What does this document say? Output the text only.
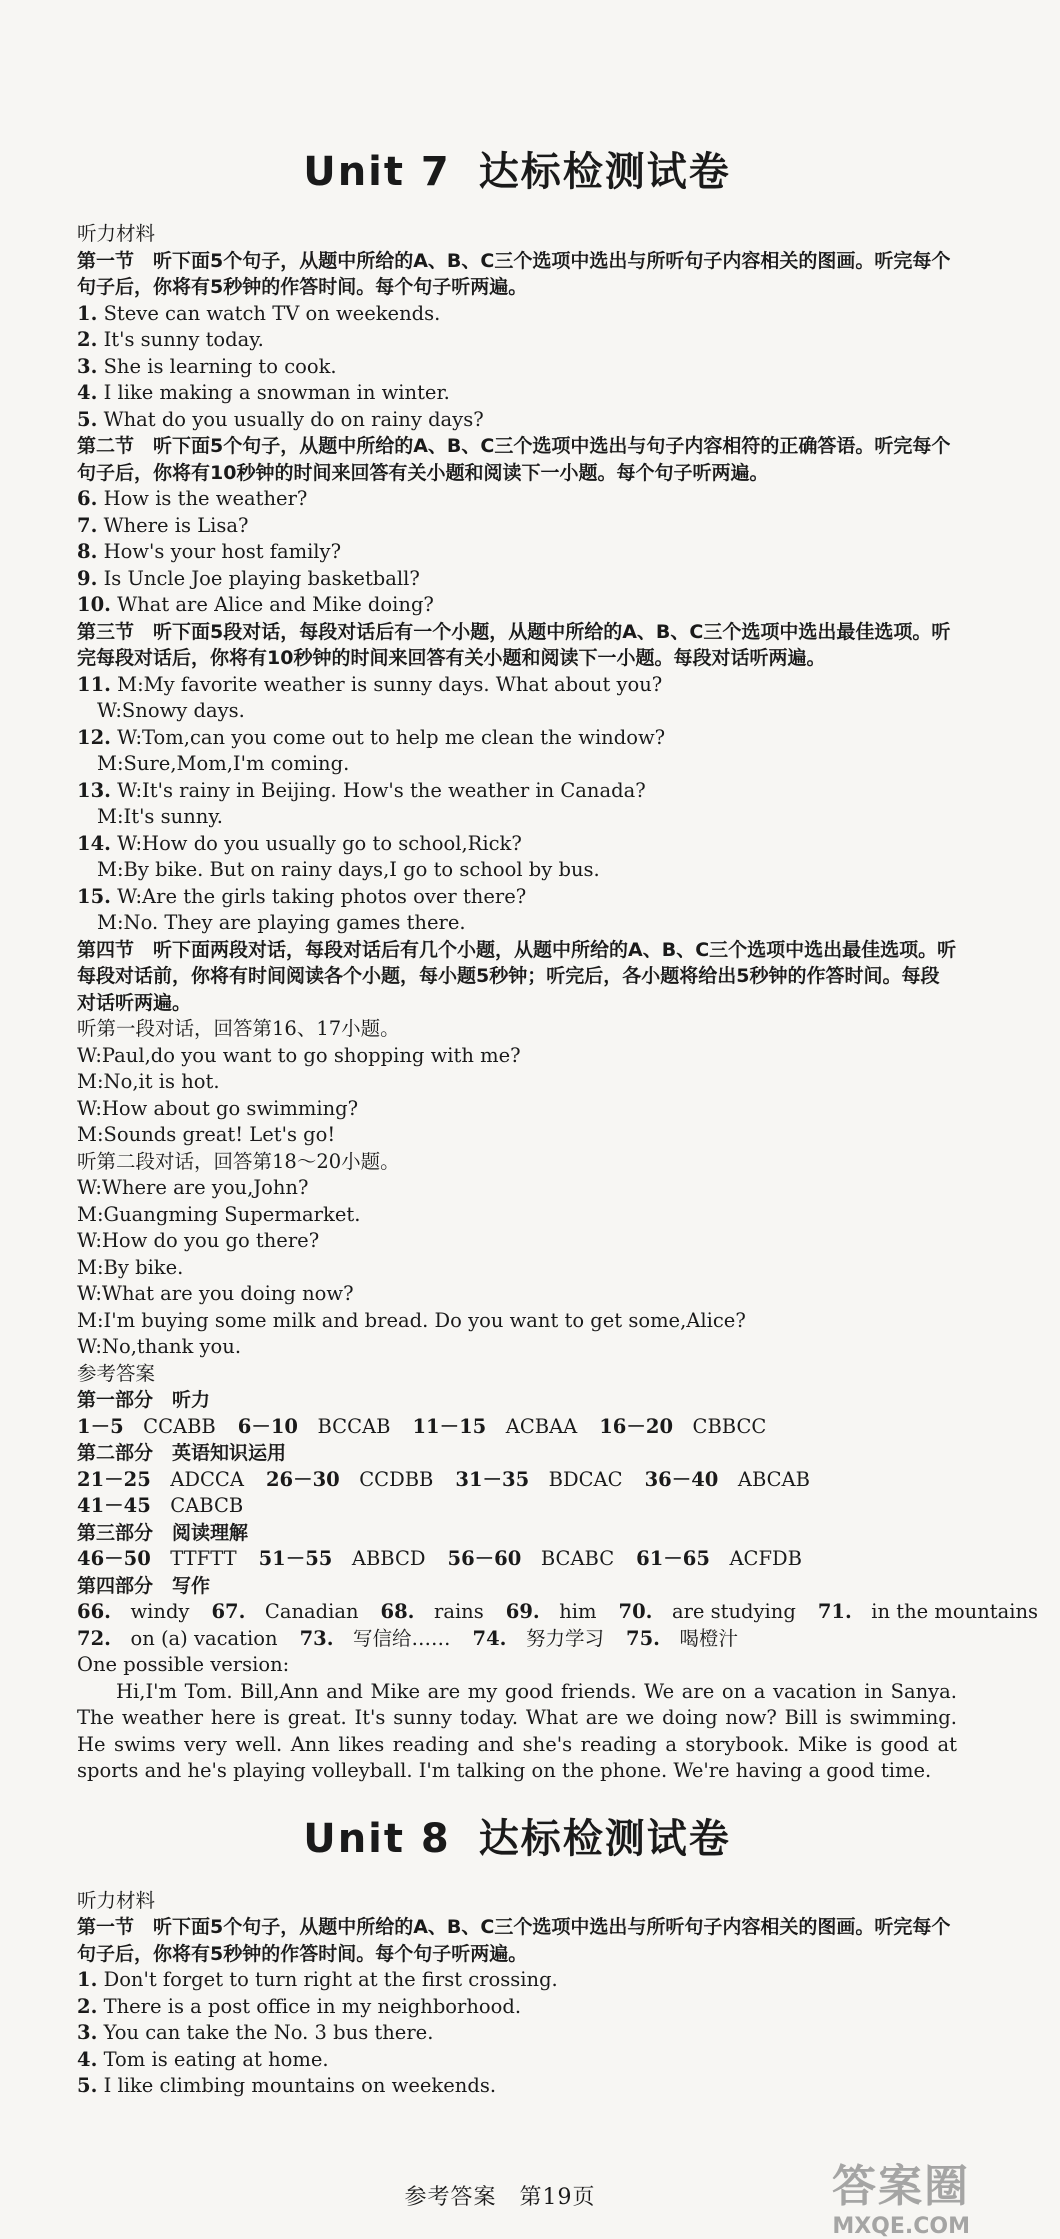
Unit 7 达标检测试卷
听力材料
第一节　听下面5个句子，从题中所给的A、B、C三个选项中选出与所听句子内容相关的图画。听完每个句子后，你将有5秒钟的作答时间。每个句子听两遍。
1. Steve can watch TV on weekends.
2. It's sunny today.
3. She is learning to cook.
4. I like making a snowman in winter.
5. What do you usually do on rainy days?
第二节　听下面5个句子，从题中所给的A、B、C三个选项中选出与句子内容相符的正确答语。听完每个句子后，你将有10秒钟的时间来回答有关小题和阅读下一小题。每个句子听两遍。
6. How is the weather?
7. Where is Lisa?
8. How's your host family?
9. Is Uncle Joe playing basketball?
10. What are Alice and Mike doing?
第三节　听下面5段对话，每段对话后有一个小题，从题中所给的A、B、C三个选项中选出最佳选项。听完每段对话后，你将有10秒钟的时间来回答有关小题和阅读下一小题。每段对话听两遍。
11. M:My favorite weather is sunny days. What about you?
W:Snowy days.
12. W:Tom,can you come out to help me clean the window?
M:Sure,Mom,I'm coming.
13. W:It's rainy in Beijing. How's the weather in Canada?
M:It's sunny.
14. W:How do you usually go to school,Rick?
M:By bike. But on rainy days,I go to school by bus.
15. W:Are the girls taking photos over there?
M:No. They are playing games there.
第四节　听下面两段对话，每段对话后有几个小题，从题中所给的A、B、C三个选项中选出最佳选项。听每段对话前，你将有时间阅读各个小题，每小题5秒钟；听完后，各小题将给出5秒钟的作答时间。每段对话听两遍。
听第一段对话，回答第16、17小题。
W:Paul,do you want to go shopping with me?
M:No,it is hot.
W:How about go swimming?
M:Sounds great! Let's go!
听第二段对话，回答第18～20小题。
W:Where are you,John?
M:Guangming Supermarket.
W:How do you go there?
M:By bike.
W:What are you doing now?
M:I'm buying some milk and bread. Do you want to get some,Alice?
W:No,thank you.
参考答案
第一部分　听力
1－5　 CCABB 6－10　 BCCAB 11－15　 ACBAA 16－20　 CBBCC
第二部分　英语知识运用
21－25　 ADCCA 26－30　 CCDBB 31－35　 BDCAC 36－40　 ABCAB
41－45　 CABCB
第三部分　阅读理解
46－50　 TTFTT 51－55　 ABBCD 56－60　 BCABC 61－65　 ACFDB
第四部分　写作
66.　 windy 67.　 Canadian 68.　 rains 69.　 him 70.　 are studying 71.　 in the mountains
72.　 on (a) vacation 73.　 写信给…… 74.　 努力学习 75.　 喝橙汁
One possible version:
Hi,I'm Tom. Bill,Ann and Mike are my good friends. We are on a vacation in Sanya. The weather here is great. It's sunny today. What are we doing now? Bill is swimming. He swims very well. Ann likes reading and she's reading a storybook. Mike is good at sports and he's playing volleyball. I'm talking on the phone. We're having a good time.
Unit 8 达标检测试卷
听力材料
第一节　听下面5个句子，从题中所给的A、B、C三个选项中选出与所听句子内容相关的图画。听完每个句子后，你将有5秒钟的作答时间。每个句子听两遍。
1. Don't forget to turn right at the first crossing.
2. There is a post office in my neighborhood.
3. You can take the No. 3 bus there.
4. Tom is eating at home.
5. I like climbing mountains on weekends.
参考答案　第19页	答案圈
MXQE.COM
